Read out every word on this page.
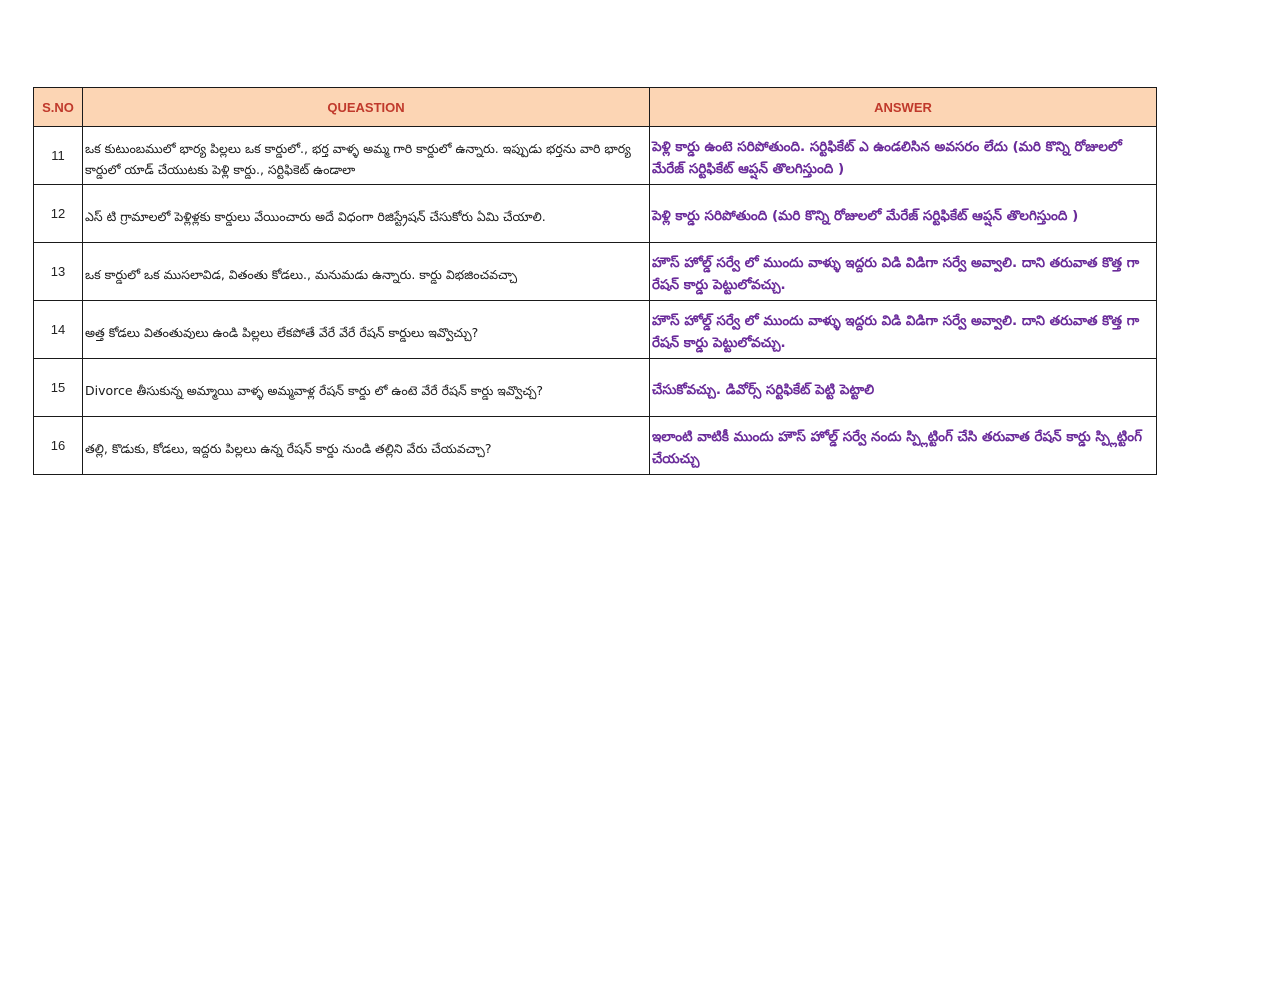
S.NO	QUEASTION	ANSWER
11	ఒక కుటుంబములో భార్య పిల్లలు ఒక కార్డులో., భర్త వాళ్ళ అమ్మ గారి కార్డులో ఉన్నారు. ఇప్పుడు భర్తను వారి భార్య కార్డులో యాడ్ చేయుటకు పెళ్లి కార్డు., సర్టిఫికెట్ ఉండాలా	పెళ్లి కార్డు ఉంటె సరిపోతుంది. సర్టిఫికేట్ ఎ ఉండలిసిన అవసరం లేదు (మరి కొన్ని రోజులలో మేరేజ్ సర్టిఫికేట్ ఆప్షన్ తొలగిస్తుంది )
12	ఎస్ టి గ్రామాలలో పెళ్లిళ్లకు కార్డులు వేయించారు అదే విధంగా రిజిస్ట్రేషన్ చేసుకోరు ఏమి చేయాలి.	పెళ్లి కార్డు సరిపోతుంది (మరి కొన్ని రోజులలో మేరేజ్ సర్టిఫికేట్ ఆప్షన్ తొలగిస్తుంది )
13	ఒక కార్డులో ఒక ముసలావిడ, వితంతు కోడలు., మనుమడు ఉన్నారు. కార్డు విభజించవచ్చా	హౌస్ హోల్డ్ సర్వే లో ముందు వాళ్ళు ఇద్దరు విడి విడిగా సర్వే అవ్వాలి. దాని తరువాత కొత్త గా రేషన్ కార్డు పెట్టులోవచ్చు.
14	అత్త కోడలు వితంతువులు ఉండి పిల్లలు లేకపోతే వేరే వేరే రేషన్ కార్డులు ఇవ్వొచ్చు?	హౌస్ హోల్డ్ సర్వే లో ముందు వాళ్ళు ఇద్దరు విడి విడిగా సర్వే అవ్వాలి. దాని తరువాత కొత్త గా రేషన్ కార్డు పెట్టులోవచ్చు.
15	Divorce తీసుకున్న అమ్మాయి వాళ్ళ అమ్మవాళ్ల రేషన్ కార్డు లో ఉంటె వేరే రేషన్ కార్డు ఇవ్వొచ్చ?	చేసుకోవచ్చు. డివోర్స్ సర్టిఫికేట్ పెట్టి పెట్టాలి
16	తల్లి, కొడుకు, కోడలు, ఇద్దరు పిల్లలు ఉన్న రేషన్ కార్డు నుండి తల్లిని వేరు చేయవచ్చా?	ఇలాంటి వాటికీ ముందు హౌస్ హోల్డ్ సర్వే నందు స్ప్లిట్టింగ్ చేసి తరువాత రేషన్ కార్డు స్ప్లిట్టింగ్ చేయచ్చు
